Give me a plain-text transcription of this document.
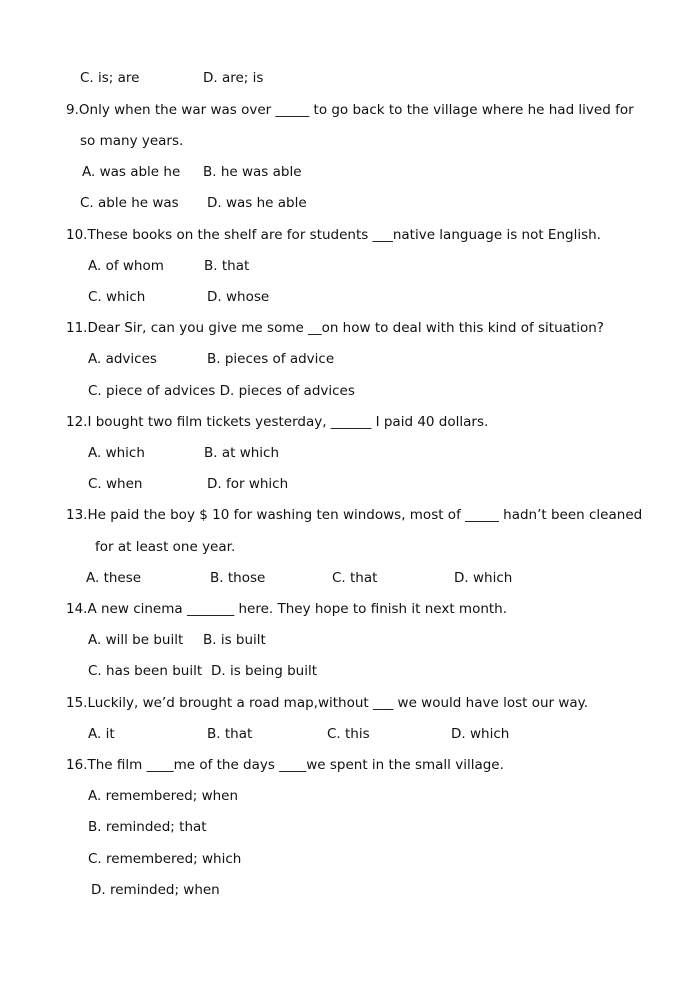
C. is; are	D. are; is
9.Only when the war was over _____ to go back to the village where he had lived for
so many years.
A. was able he B. he was able
C. able he was D. was he able
10.These books on the shelf are for students ___native language is not English.
A. of whom	B. that
C. which	D. whose
11.Dear Sir, can you give me some __on how to deal with this kind of situation?
A. advices	B. pieces of advice
C. piece of advices D. pieces of advices
12.I bought two film tickets yesterday, ______ I paid 40 dollars.
A. which	B. at which
C. when	D. for which
13.He paid the boy $ 10 for washing ten windows, most of _____ hadn’t been cleaned
for at least one year.
A. these	B. those	C. that	D. which
14.A new cinema _______ here. They hope to finish it next month.
A. will be built B. is built
C. has been built D. is being built
15.Luckily, we’d brought a road map,without ___ we would have lost our way.
A. it	B. that	C. this	D. which
16.The film ____me of the days ____we spent in the small village.
A. remembered; when
B. reminded; that
C. remembered; which
D. reminded; when
